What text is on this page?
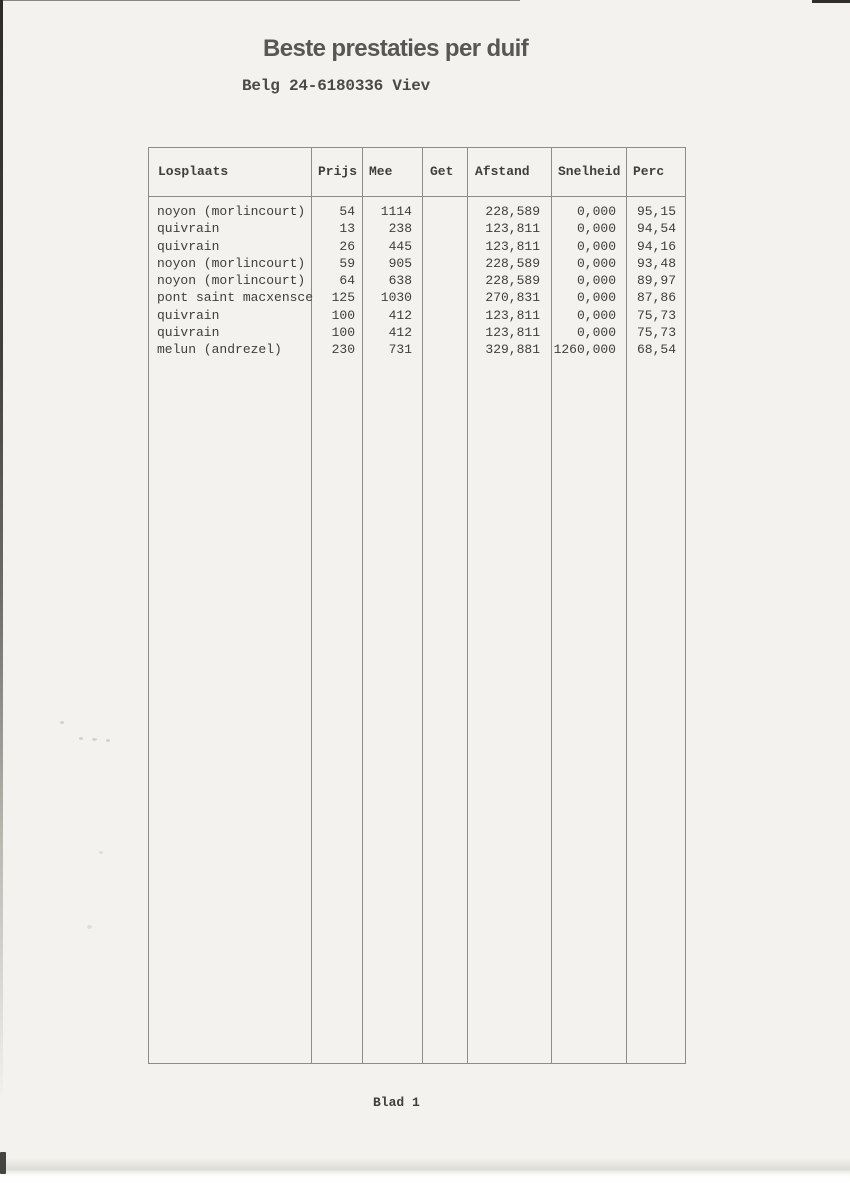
Beste prestaties per duif
Belg 24-6180336 Viev
Losplaats	Prijs Mee	Get Afstand Snelheid Perc
noyon (morlincourt)	54	1114	228,589	0,000	95,15
quivrain	13	238	123,811	0,000	94,54
quivrain	26	445	123,811	0,000	94,16
noyon (morlincourt)	59	905	228,589	0,000	93,48
noyon (morlincourt)	64	638	228,589	0,000	89,97
pont saint macxensce	125	1030	270,831	0,000	87,86
quivrain	100	412	123,811	0,000	75,73
quivrain	100	412	123,811	0,000	75,73
melun (andrezel)	230	731	329,881 1260,000	68,54
Blad 1
